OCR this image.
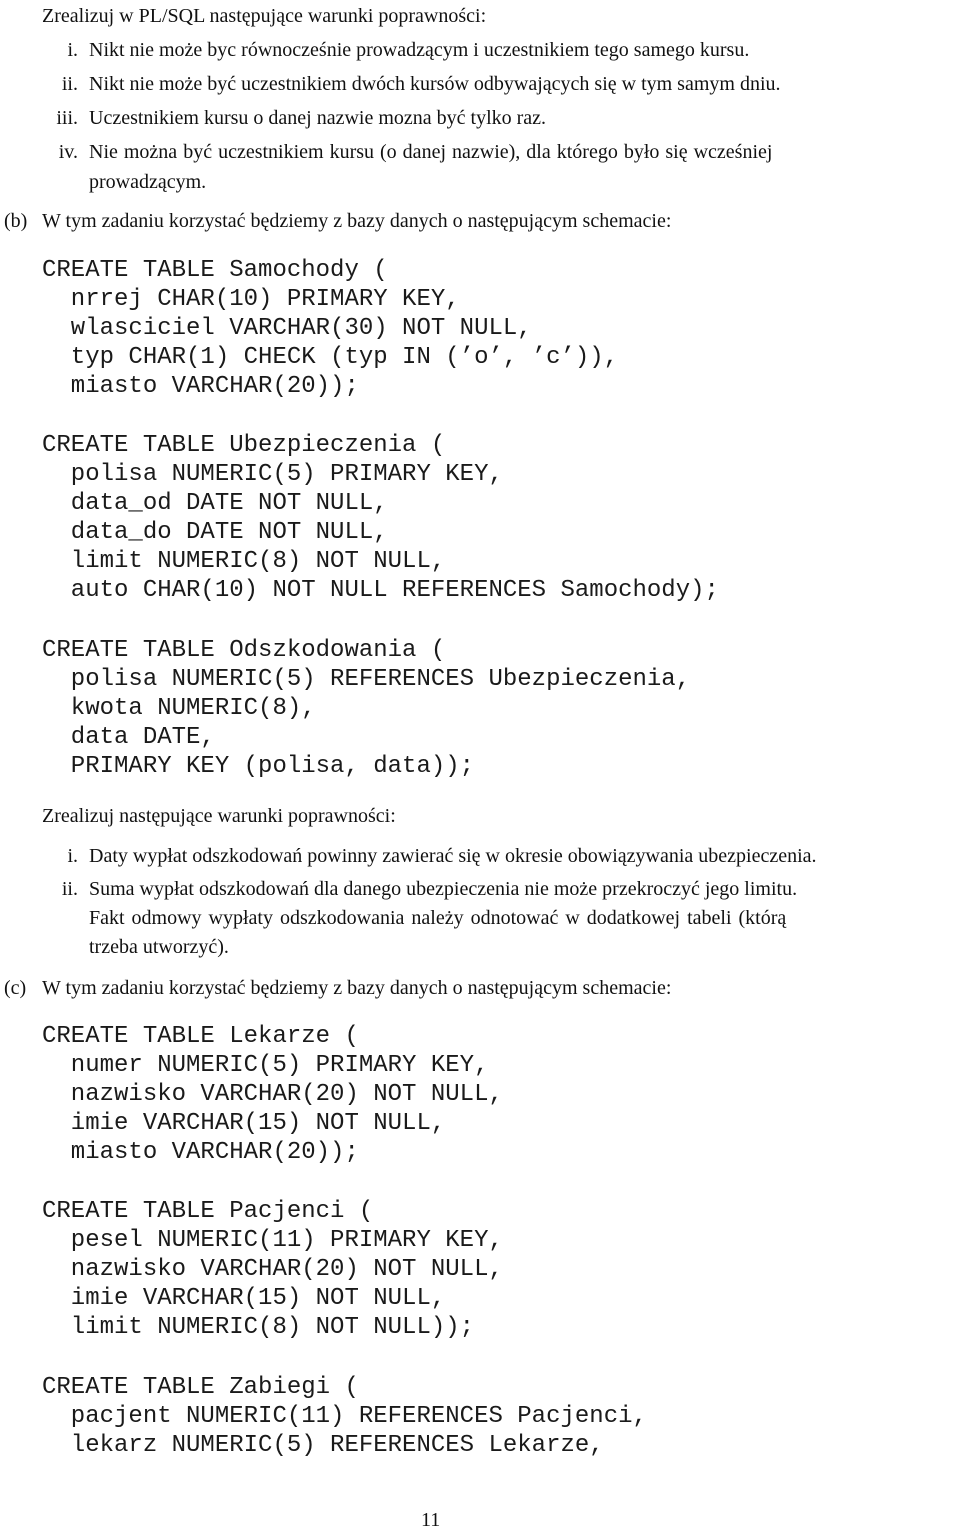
Zrealizuj w PL/SQL następujące warunki poprawności:
i. Nikt nie może byc równocześnie prowadzącym i uczestnikiem tego samego kursu.
ii. Nikt nie może być uczestnikiem dwóch kursów odbywających się w tym samym dniu.
iii. Uczestnikiem kursu o danej nazwie mozna być tylko raz.
iv. Nie można być uczestnikiem kursu (o danej nazwie), dla którego było się wcześniej
prowadzącym.
(b) W tym zadaniu korzystać będziemy z bazy danych o następującym schemacie:
CREATE TABLE Samochody (
nrrej CHAR(10) PRIMARY KEY,
wlasciciel VARCHAR(30) NOT NULL,
typ CHAR(1) CHECK (typ IN (’o’, ’c’)),
miasto VARCHAR(20));
CREATE TABLE Ubezpieczenia (
polisa NUMERIC(5) PRIMARY KEY,
data_od DATE NOT NULL,
data_do DATE NOT NULL,
limit NUMERIC(8) NOT NULL,
auto CHAR(10) NOT NULL REFERENCES Samochody);
CREATE TABLE Odszkodowania (
polisa NUMERIC(5) REFERENCES Ubezpieczenia,
kwota NUMERIC(8),
data DATE,
PRIMARY KEY (polisa, data));
Zrealizuj następujące warunki poprawności:
i. Daty wypłat odszkodowań powinny zawierać się w okresie obowiązywania ubezpieczenia.
ii. Suma wypłat odszkodowań dla danego ubezpieczenia nie może przekroczyć jego limitu.
Fakt odmowy wypłaty odszkodowania należy odnotować w dodatkowej tabeli (którą
trzeba utworzyć).
(c) W tym zadaniu korzystać będziemy z bazy danych o następującym schemacie:
CREATE TABLE Lekarze (
numer NUMERIC(5) PRIMARY KEY,
nazwisko VARCHAR(20) NOT NULL,
imie VARCHAR(15) NOT NULL,
miasto VARCHAR(20));
CREATE TABLE Pacjenci (
pesel NUMERIC(11) PRIMARY KEY,
nazwisko VARCHAR(20) NOT NULL,
imie VARCHAR(15) NOT NULL,
limit NUMERIC(8) NOT NULL));
CREATE TABLE Zabiegi (
pacjent NUMERIC(11) REFERENCES Pacjenci,
lekarz NUMERIC(5) REFERENCES Lekarze,
11
